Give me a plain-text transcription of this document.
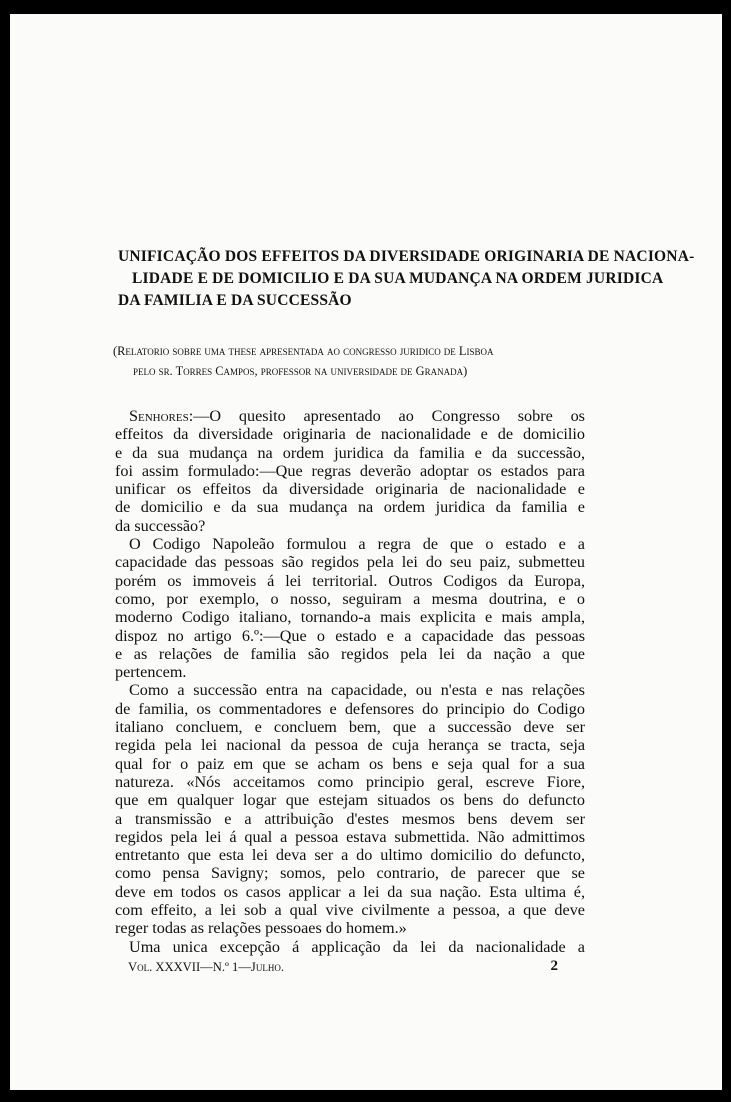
UNIFICAÇÃO DOS EFFEITOS DA DIVERSIDADE ORIGINARIA DE NACIONA-
LIDADE E DE DOMICILIO E DA SUA MUDANÇA NA ORDEM JURIDICA
DA FAMILIA E DA SUCCESSÃO
(Relatorio sobre uma these apresentada ao congresso juridico de Lisboa
pelo sr. Torres Campos, professor na universidade de Granada)
Senhores:—O quesito apresentado ao Congresso sobre os
effeitos da diversidade originaria de nacionalidade e de domicilio
e da sua mudança na ordem juridica da familia e da successão,
foi assim formulado:—Que regras deverão adoptar os estados para
unificar os effeitos da diversidade originaria de nacionalidade e
de domicilio e da sua mudança na ordem juridica da familia e
da successão?
O Codigo Napoleão formulou a regra de que o estado e a
capacidade das pessoas são regidos pela lei do seu paiz, submetteu
porém os immoveis á lei territorial. Outros Codigos da Europa,
como, por exemplo, o nosso, seguiram a mesma doutrina, e o
moderno Codigo italiano, tornando-a mais explicita e mais ampla,
dispoz no artigo 6.º:—Que o estado e a capacidade das pessoas
e as relações de familia são regidos pela lei da nação a que
pertencem.
Como a successão entra na capacidade, ou n'esta e nas relações
de familia, os commentadores e defensores do principio do Codigo
italiano concluem, e concluem bem, que a successão deve ser
regida pela lei nacional da pessoa de cuja herança se tracta, seja
qual for o paiz em que se acham os bens e seja qual for a sua
natureza. «Nós acceitamos como principio geral, escreve Fiore,
que em qualquer logar que estejam situados os bens do defuncto
a transmissão e a attribuição d'estes mesmos bens devem ser
regidos pela lei á qual a pessoa estava submettida. Não admittimos
entretanto que esta lei deva ser a do ultimo domicilio do defuncto,
como pensa Savigny; somos, pelo contrario, de parecer que se
deve em todos os casos applicar a lei da sua nação. Esta ultima é,
com effeito, a lei sob a qual vive civilmente a pessoa, a que deve
reger todas as relações pessoaes do homem.»
Uma unica excepção á applicação da lei da nacionalidade a
Vol. XXXVII—N.º 1—Julho.	2
